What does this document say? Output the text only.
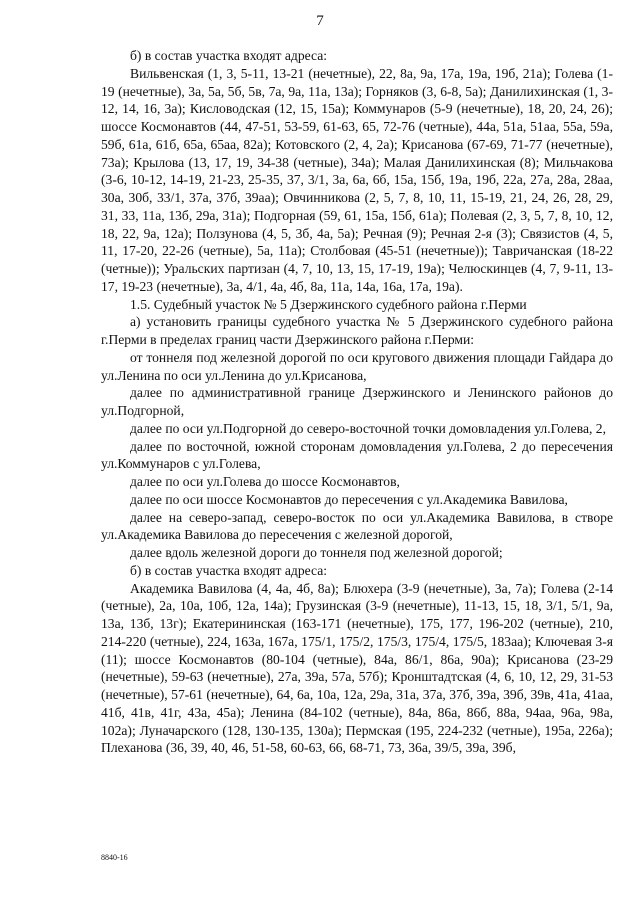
7

б) в состав участка входят адреса:

Вильвенская (1, 3, 5-11, 13-21 (нечетные), 22, 8а, 9а, 17а, 19а, 19б, 21а); Голева (1-19 (нечетные), 3а, 5а, 5б, 5в, 7а, 9а, 11а, 13а); Горняков (3, 6-8, 5а); Данилихинская (1, 3-12, 14, 16, 3а); Кисловодская (12, 15, 15а); Коммунаров (5-9 (нечетные), 18, 20, 24, 26); шоссе Космонавтов (44, 47-51, 53-59, 61-63, 65, 72-76 (четные), 44а, 51а, 51аа, 55а, 59а, 59б, 61а, 61б, 65а, 65аа, 82а); Котовского (2, 4, 2а); Крисанова (67-69, 71-77 (нечетные), 73а); Крылова (13, 17, 19, 34-38 (четные), 34а); Малая Данилихинская (8); Мильчакова (3-6, 10-12, 14-19, 21-23, 25-35, 37, 3/1, 3а, 6а, 6б, 15а, 15б, 19а, 19б, 22а, 27а, 28а, 28аа, 30а, 30б, 33/1, 37а, 37б, 39аа); Овчинникова (2, 5, 7, 8, 10, 11, 15-19, 21, 24, 26, 28, 29, 31, 33, 11а, 13б, 29а, 31а); Подгорная (59, 61, 15а, 15б, 61а); Полевая (2, 3, 5, 7, 8, 10, 12, 18, 22, 9а, 12а); Ползунова (4, 5, 3б, 4а, 5а); Речная (9); Речная 2-я (3); Связистов (4, 5, 11, 17-20, 22-26 (четные), 5а, 11а); Столбовая (45-51 (нечетные)); Тавричанская (18-22 (четные)); Уральских партизан (4, 7, 10, 13, 15, 17-19, 19а); Челюскинцев (4, 7, 9-11, 13-17, 19-23 (нечетные), 3а, 4/1, 4а, 4б, 8а, 11а, 14а, 16а, 17а, 19а).

1.5. Судебный участок № 5 Дзержинского судебного района г.Перми

а) установить границы судебного участка № 5 Дзержинского судебного района г.Перми в пределах границ части Дзержинского района г.Перми:

от тоннеля под железной дорогой по оси кругового движения площади Гайдара до ул.Ленина по оси ул.Ленина до ул.Крисанова,

далее по административной границе Дзержинского и Ленинского районов до ул.Подгорной,

далее по оси ул.Подгорной до северо-восточной точки домовладения ул.Голева, 2,

далее по восточной, южной сторонам домовладения ул.Голева, 2 до пересечения ул.Коммунаров с ул.Голева,

далее по оси ул.Голева до шоссе Космонавтов,

далее по оси шоссе Космонавтов до пересечения с ул.Академика Вавилова,

далее на северо-запад, северо-восток по оси ул.Академика Вавилова, в створе ул.Академика Вавилова до пересечения с железной дорогой,

далее вдоль железной дороги до тоннеля под железной дорогой;

б) в состав участка входят адреса:

Академика Вавилова (4, 4а, 4б, 8а); Блюхера (3-9 (нечетные), 3а, 7а); Голева (2-14 (четные), 2а, 10а, 10б, 12а, 14а); Грузинская (3-9 (нечетные), 11-13, 15, 18, 3/1, 5/1, 9а, 13а, 13б, 13г); Екатерининская (163-171 (нечетные), 175, 177, 196-202 (четные), 210, 214-220 (четные), 224, 163а, 167а, 175/1, 175/2, 175/3, 175/4, 175/5, 183аа); Ключевая 3-я (11); шоссе Космонавтов (80-104 (четные), 84а, 86/1, 86а, 90а); Крисанова (23-29 (нечетные), 59-63 (нечетные), 27а, 39а, 57а, 57б); Кронштадтская (4, 6, 10, 12, 29, 31-53 (нечетные), 57-61 (нечетные), 64, 6а, 10а, 12а, 29а, 31а, 37а, 37б, 39а, 39б, 39в, 41а, 41аа, 41б, 41в, 41г, 43а, 45а); Ленина (84-102 (четные), 84а, 86а, 86б, 88а, 94аа, 96а, 98а, 102а); Луначарского (128, 130-135, 130а); Пермская (195, 224-232 (четные), 195а, 226а); Плеханова (36, 39, 40, 46, 51-58, 60-63, 66, 68-71, 73, 36а, 39/5, 39а, 39б,

8840-16
